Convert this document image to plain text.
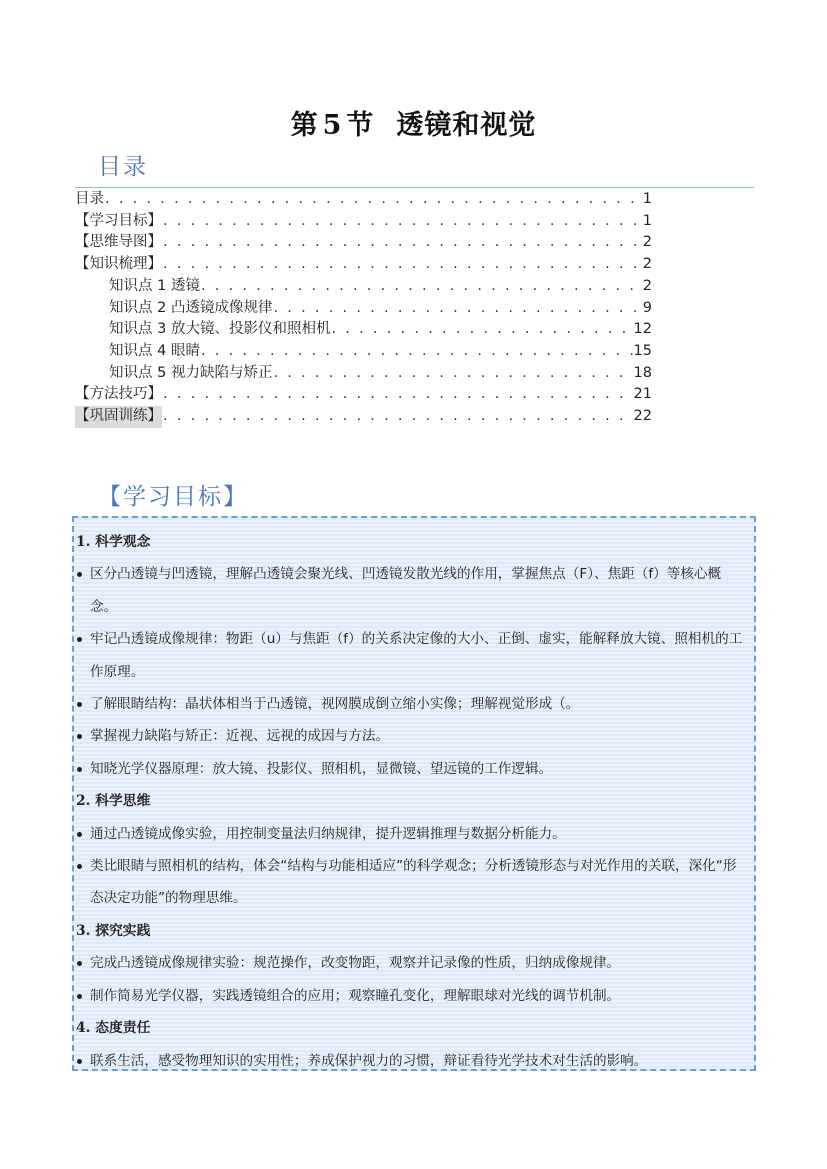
第 5 节 透镜和视觉
目录
目录 . . .	1
【学习目标】 . . .	1
【思维导图】 . . .	2
【知识梳理】 . . .	2
知识点 1 透镜 . . .	2
知识点 2 凸透镜成像规律 . . .	9
知识点 3 放大镜、投影仪和照相机 . . .	12
知识点 4 眼睛 . . .	15
知识点 5 视力缺陷与矫正 . . .	18
【方法技巧】 . . .	21
【巩固训练】 . . .	22
【学习目标】
1. 科学观念
区分凸透镜与凹透镜，理解凸透镜会聚光线、凹透镜发散光线的作用，掌握焦点（F）、焦距（f）等核心概念。
牢记凸透镜成像规律：物距（u）与焦距（f）的关系决定像的大小、正倒、虚实，能解释放大镜、照相机的工作原理。
了解眼睛结构：晶状体相当于凸透镜，视网膜成倒立缩小实像；理解视觉形成（。
掌握视力缺陷与矫正：近视、远视的成因与方法。
知晓光学仪器原理：放大镜、投影仪、照相机，显微镜、望远镜的工作逻辑。
2. 科学思维
通过凸透镜成像实验，用控制变量法归纳规律，提升逻辑推理与数据分析能力。
类比眼睛与照相机的结构，体会“结构与功能相适应”的科学观念；分析透镜形态与对光作用的关联，深化“形态决定功能”的物理思维。
3. 探究实践
完成凸透镜成像规律实验：规范操作，改变物距，观察并记录像的性质，归纳成像规律。
制作简易光学仪器，实践透镜组合的应用；观察瞳孔变化，理解眼球对光线的调节机制。
4. 态度责任
联系生活，感受物理知识的实用性；养成保护视力的习惯，辩证看待光学技术对生活的影响。
